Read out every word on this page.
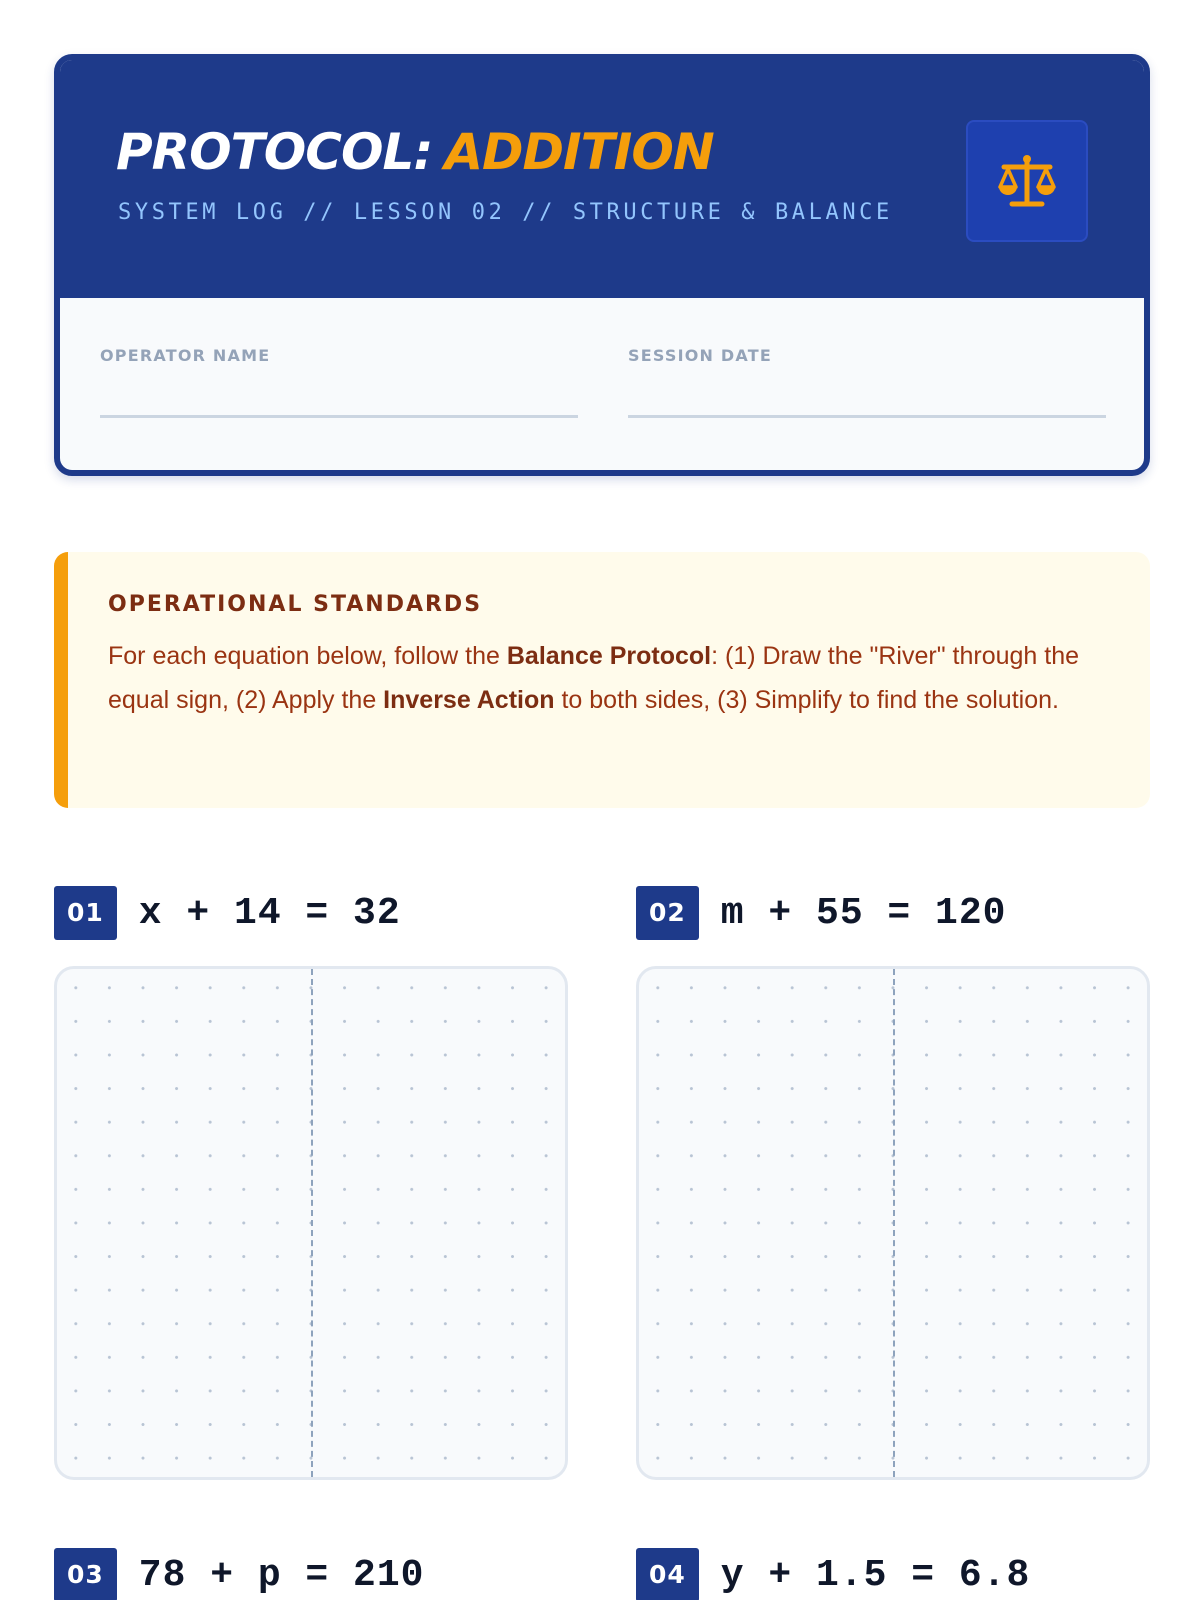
PROTOCOL: ADDITION
SYSTEM LOG // LESSON 02 // STRUCTURE & BALANCE
OPERATOR NAME	SESSION DATE
OPERATIONAL STANDARDS

For each equation below, follow the Balance Protocol: (1) Draw the "River" through the equal sign, (2) Apply the Inverse Action to both sides, (3) Simplify to find the solution.

01 x + 14 = 32	02 m + 55 = 120
03 78 + p = 210	04 y + 1.5 = 6.8
